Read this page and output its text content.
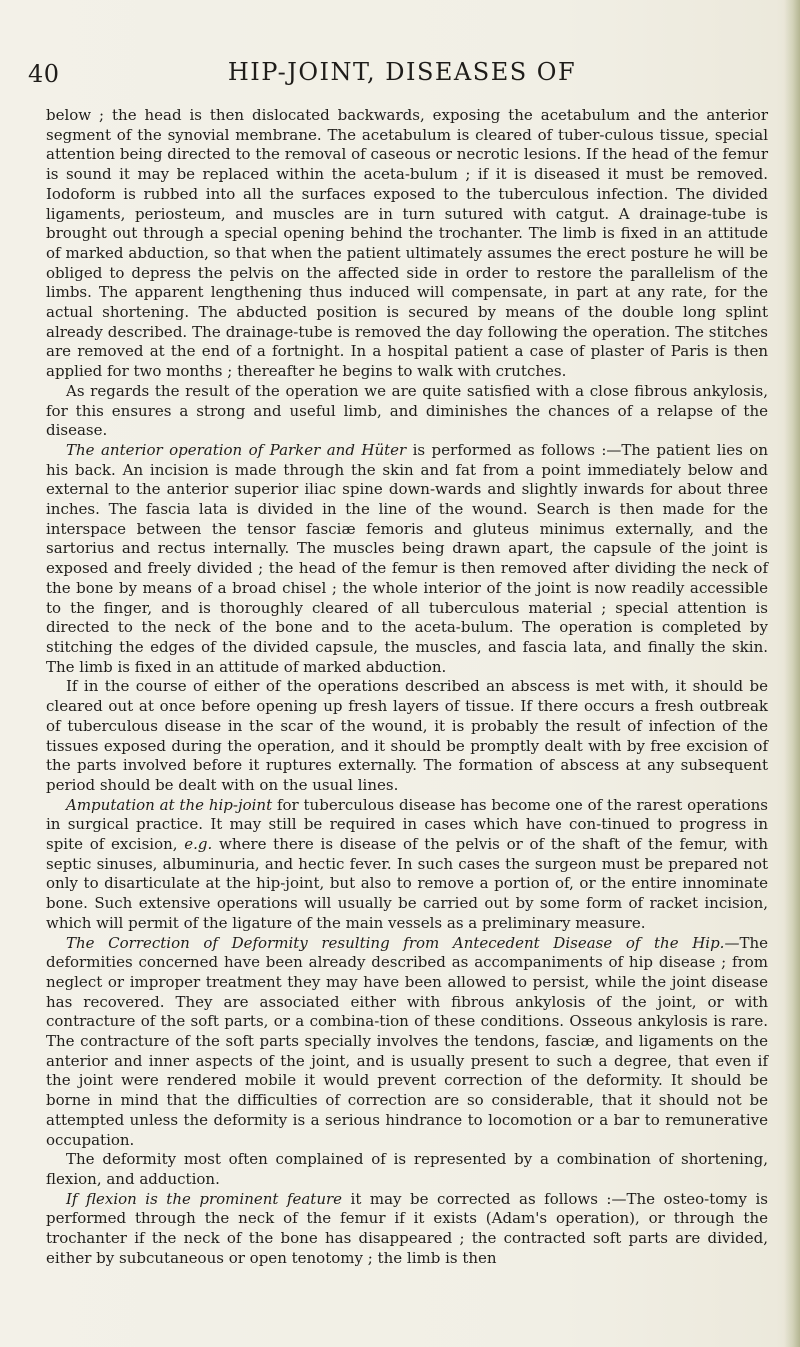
40	HIP-JOINT, DISEASES OF

below ; the head is then dislocated backwards, exposing the acetabulum and the anterior segment of the synovial membrane. The acetabulum is cleared of tuber-culous tissue, special attention being directed to the removal of caseous or necrotic lesions. If the head of the femur is sound it may be replaced within the aceta-bulum ; if it is diseased it must be removed. Iodoform is rubbed into all the surfaces exposed to the tuberculous infection. The divided ligaments, periosteum, and muscles are in turn sutured with catgut. A drainage-tube is brought out through a special opening behind the trochanter. The limb is fixed in an attitude of marked abduction, so that when the patient ultimately assumes the erect posture he will be obliged to depress the pelvis on the affected side in order to restore the parallelism of the limbs. The apparent lengthening thus induced will compensate, in part at any rate, for the actual shortening. The abducted position is secured by means of the double long splint already described. The drainage-tube is removed the day following the operation. The stitches are removed at the end of a fortnight. In a hospital patient a case of plaster of Paris is then applied for two months ; thereafter he begins to walk with crutches.

As regards the result of the operation we are quite satisfied with a close fibrous ankylosis, for this ensures a strong and useful limb, and diminishes the chances of a relapse of the disease.

The anterior operation of Parker and Hüter is performed as follows :—The patient lies on his back. An incision is made through the skin and fat from a point immediately below and external to the anterior superior iliac spine down-wards and slightly inwards for about three inches. The fascia lata is divided in the line of the wound. Search is then made for the interspace between the tensor fasciæ femoris and gluteus minimus externally, and the sartorius and rectus internally. The muscles being drawn apart, the capsule of the joint is exposed and freely divided ; the head of the femur is then removed after dividing the neck of the bone by means of a broad chisel ; the whole interior of the joint is now readily accessible to the finger, and is thoroughly cleared of all tuberculous material ; special attention is directed to the neck of the bone and to the aceta-bulum. The operation is completed by stitching the edges of the divided capsule, the muscles, and fascia lata, and finally the skin. The limb is fixed in an attitude of marked abduction.

If in the course of either of the operations described an abscess is met with, it should be cleared out at once before opening up fresh layers of tissue. If there occurs a fresh outbreak of tuberculous disease in the scar of the wound, it is probably the result of infection of the tissues exposed during the operation, and it should be promptly dealt with by free excision of the parts involved before it ruptures externally. The formation of abscess at any subsequent period should be dealt with on the usual lines.

Amputation at the hip-joint for tuberculous disease has become one of the rarest operations in surgical practice. It may still be required in cases which have con-tinued to progress in spite of excision, e.g. where there is disease of the pelvis or of the shaft of the femur, with septic sinuses, albuminuria, and hectic fever. In such cases the surgeon must be prepared not only to disarticulate at the hip-joint, but also to remove a portion of, or the entire innominate bone. Such extensive operations will usually be carried out by some form of racket incision, which will permit of the ligature of the main vessels as a preliminary measure.

The Correction of Deformity resulting from Antecedent Disease of the Hip.—The deformities concerned have been already described as accompaniments of hip disease ; from neglect or improper treatment they may have been allowed to persist, while the joint disease has recovered. They are associated either with fibrous ankylosis of the joint, or with contracture of the soft parts, or a combina-tion of these conditions. Osseous ankylosis is rare. The contracture of the soft parts specially involves the tendons, fasciæ, and ligaments on the anterior and inner aspects of the joint, and is usually present to such a degree, that even if the joint were rendered mobile it would prevent correction of the deformity. It should be borne in mind that the difficulties of correction are so considerable, that it should not be attempted unless the deformity is a serious hindrance to locomotion or a bar to remunerative occupation.

The deformity most often complained of is represented by a combination of shortening, flexion, and adduction.

If flexion is the prominent feature it may be corrected as follows :—The osteo-tomy is performed through the neck of the femur if it exists (Adam's operation), or through the trochanter if the neck of the bone has disappeared ; the contracted soft parts are divided, either by subcutaneous or open tenotomy ; the limb is then
